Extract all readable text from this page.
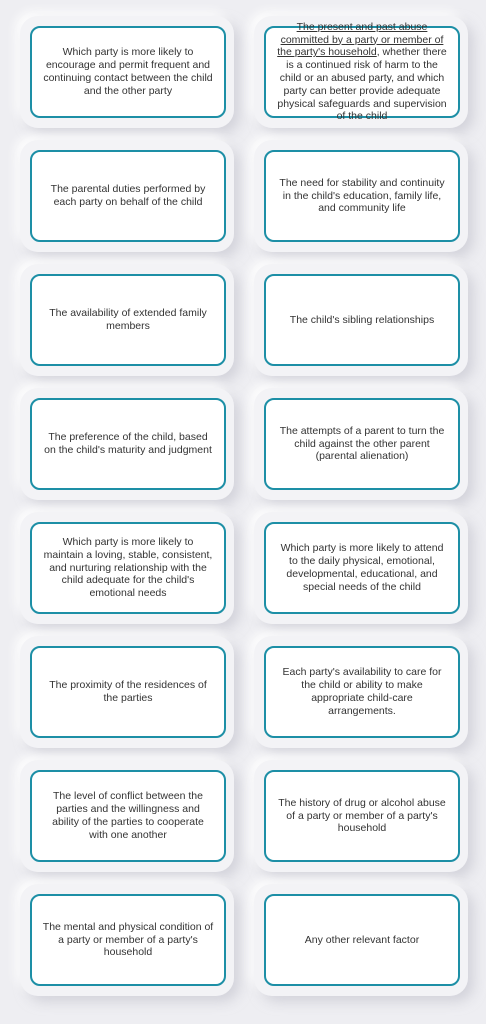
Which party is more likely to encourage and permit frequent and continuing contact between the child and the other party
The present and past abuse committed by a party or member of the party's household, whether there is a continued risk of harm to the child or an abused party, and which party can better provide adequate physical safeguards and supervision of the child
The parental duties performed by each party on behalf of the child
The need for stability and continuity in the child's education, family life, and community life
The availability of extended family members
The child's sibling relationships
The preference of the child, based on the child's maturity and judgment
The attempts of a parent to turn the child against the other parent (parental alienation)
Which party is more likely to maintain a loving, stable, consistent, and nurturing relationship with the child adequate for the child's emotional needs
Which party is more likely to attend to the daily physical, emotional, developmental, educational, and special needs of the child
The proximity of the residences of the parties
Each party's availability to care for the child or ability to make appropriate child-care arrangements.
The level of conflict between the parties and the willingness and ability of the parties to cooperate with one another
The history of drug or alcohol abuse of a party or member of a party's household
The mental and physical condition of a party or member of a party's household
Any other relevant factor
